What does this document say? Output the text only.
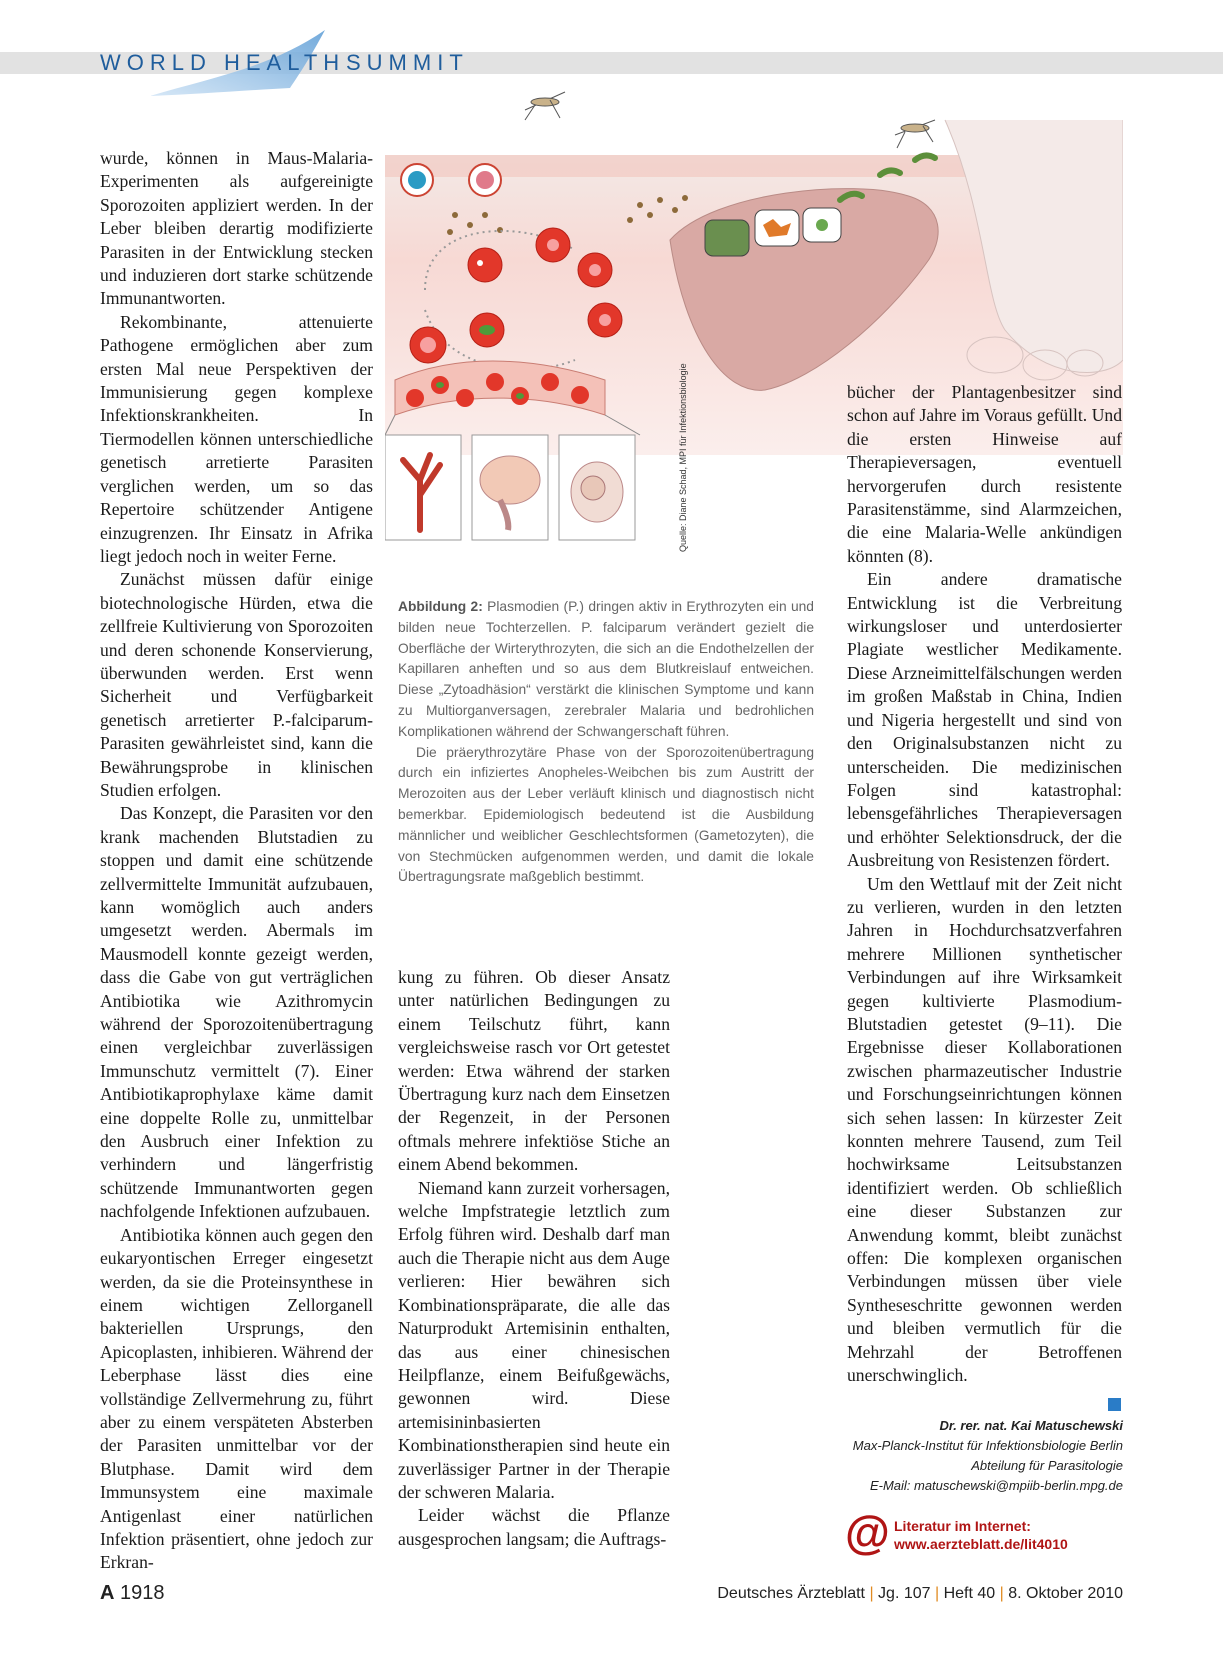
WORLD HEALTH SUMMIT

wurde, können in Maus-Malaria-Experimenten als aufgereinigte Sporozoiten appliziert werden. In der Leber bleiben derartig modifizierte Parasiten in der Entwicklung stecken und induzieren dort starke schützende Immunantworten.

Rekombinante, attenuierte Pathogene ermöglichen aber zum ersten Mal neue Perspektiven der Immunisierung gegen komplexe Infektionskrankheiten. In Tiermodellen können unterschiedliche genetisch arretierte Parasiten verglichen werden, um so das Repertoire schützender Antigene einzugrenzen. Ihr Einsatz in Afrika liegt jedoch noch in weiter Ferne.

Zunächst müssen dafür einige biotechnologische Hürden, etwa die zellfreie Kultivierung von Sporozoiten und deren schonende Konservierung, überwunden werden. Erst wenn Sicherheit und Verfügbarkeit genetisch arretierter P.-falciparum-Parasiten gewährleistet sind, kann die Bewährungsprobe in klinischen Studien erfolgen.

Das Konzept, die Parasiten vor den krank machenden Blutstadien zu stoppen und damit eine schützende zellvermittelte Immunität aufzubauen, kann womöglich auch anders umgesetzt werden. Abermals im Mausmodell konnte gezeigt werden, dass die Gabe von gut verträglichen Antibiotika wie Azithromycin während der Sporozoitenübertragung einen vergleichbar zuverlässigen Immunschutz vermittelt (7). Einer Antibiotikaprophylaxe käme damit eine doppelte Rolle zu, unmittelbar den Ausbruch einer Infektion zu verhindern und längerfristig schützende Immunantworten gegen nachfolgende Infektionen aufzubauen.

Antibiotika können auch gegen den eukaryontischen Erreger eingesetzt werden, da sie die Proteinsynthese in einem wichtigen Zellorganell bakteriellen Ursprungs, den Apicoplasten, inhibieren. Während der Leberphase lässt dies eine vollständige Zellvermehrung zu, führt aber zu einem verspäteten Absterben der Parasiten unmittelbar vor der Blutphase. Damit wird dem Immunsystem eine maximale Antigenlast einer natürlichen Infektion präsentiert, ohne jedoch zur Erkran-

Quelle: Diane Schad, MPI für Infektionsbiologie

Abbildung 2: Plasmodien (P.) dringen aktiv in Erythrozyten ein und bilden neue Tochterzellen. P. falciparum verändert gezielt die Oberfläche der Wirterythrozyten, die sich an die Endothelzellen der Kapillaren anheften und so aus dem Blutkreislauf entweichen. Diese „Zytoadhäsion“ verstärkt die klinischen Symptome und kann zu Multiorganversagen, zerebraler Malaria und bedrohlichen Komplikationen während der Schwangerschaft führen.

Die präerythrozytäre Phase von der Sporozoitenübertragung durch ein infiziertes Anopheles-Weibchen bis zum Austritt der Merozoiten aus der Leber verläuft klinisch und diagnostisch nicht bemerkbar. Epidemiologisch bedeutend ist die Ausbildung männlicher und weiblicher Geschlechtsformen (Gametozyten), die von Stechmücken aufgenommen werden, und damit die lokale Übertragungsrate maßgeblich bestimmt.

kung zu führen. Ob dieser Ansatz unter natürlichen Bedingungen zu einem Teilschutz führt, kann vergleichsweise rasch vor Ort getestet werden: Etwa während der starken Übertragung kurz nach dem Einsetzen der Regenzeit, in der Personen oftmals mehrere infektiöse Stiche an einem Abend bekommen.

Niemand kann zurzeit vorhersagen, welche Impfstrategie letztlich zum Erfolg führen wird. Deshalb darf man auch die Therapie nicht aus dem Auge verlieren: Hier bewähren sich Kombinationspräparate, die alle das Naturprodukt Artemisinin enthalten, das aus einer chinesischen Heilpflanze, einem Beifußgewächs, gewonnen wird. Diese artemisininbasierten Kombinationstherapien sind heute ein zuverlässiger Partner in der Therapie der schweren Malaria.

Leider wächst die Pflanze ausgesprochen langsam; die Auftrags-

bücher der Plantagenbesitzer sind schon auf Jahre im Voraus gefüllt. Und die ersten Hinweise auf Therapieversagen, eventuell hervorgerufen durch resistente Parasitenstämme, sind Alarmzeichen, die eine Malaria-Welle ankündigen könnten (8).

Ein andere dramatische Entwicklung ist die Verbreitung wirkungsloser und unterdosierter Plagiate westlicher Medikamente. Diese Arzneimittelfälschungen werden im großen Maßstab in China, Indien und Nigeria hergestellt und sind von den Originalsubstanzen nicht zu unterscheiden. Die medizinischen Folgen sind katastrophal: lebensgefährliches Therapieversagen und erhöhter Selektionsdruck, der die Ausbreitung von Resistenzen fördert.

Um den Wettlauf mit der Zeit nicht zu verlieren, wurden in den letzten Jahren in Hochdurchsatzverfahren mehrere Millionen synthetischer Verbindungen auf ihre Wirksamkeit gegen kultivierte Plasmodium-Blutstadien getestet (9–11). Die Ergebnisse dieser Kollaborationen zwischen pharmazeutischer Industrie und Forschungseinrichtungen können sich sehen lassen: In kürzester Zeit konnten mehrere Tausend, zum Teil hochwirksame Leitsubstanzen identifiziert werden. Ob schließlich eine dieser Substanzen zur Anwendung kommt, bleibt zunächst offen: Die komplexen organischen Verbindungen müssen über viele Syntheseschritte gewonnen werden und bleiben vermutlich für die Mehrzahl der Betroffenen unerschwinglich.

Dr. rer. nat. Kai Matuschewski
Max-Planck-Institut für Infektionsbiologie Berlin
Abteilung für Parasitologie
E-Mail: matuschewski@mpiib-berlin.mpg.de
@ Literatur im Internet:
www.aerzteblatt.de/lit4010
A 1918	Deutsches Ärzteblatt | Jg. 107 | Heft 40 | 8. Oktober 2010
